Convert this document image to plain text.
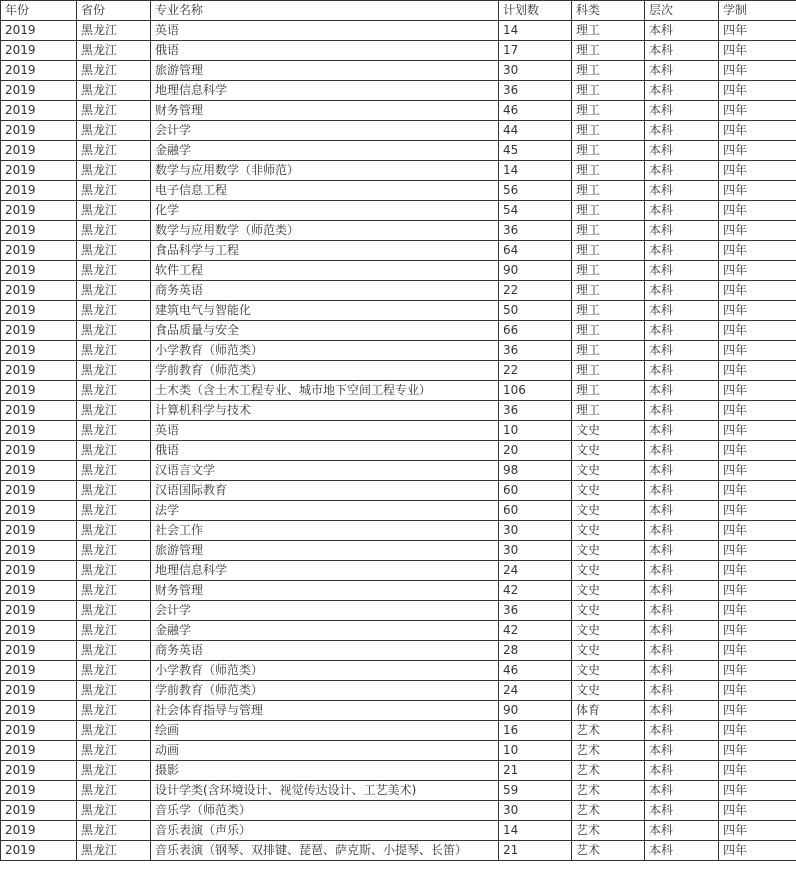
年份	省份	专业名称	计划数	科类	层次	学制
2019	黑龙江	英语	14	理工	本科	四年
2019	黑龙江	俄语	17	理工	本科	四年
2019	黑龙江	旅游管理	30	理工	本科	四年
2019	黑龙江	地理信息科学	36	理工	本科	四年
2019	黑龙江	财务管理	46	理工	本科	四年
2019	黑龙江	会计学	44	理工	本科	四年
2019	黑龙江	金融学	45	理工	本科	四年
2019	黑龙江	数学与应用数学（非师范）	14	理工	本科	四年
2019	黑龙江	电子信息工程	56	理工	本科	四年
2019	黑龙江	化学	54	理工	本科	四年
2019	黑龙江	数学与应用数学（师范类）	36	理工	本科	四年
2019	黑龙江	食品科学与工程	64	理工	本科	四年
2019	黑龙江	软件工程	90	理工	本科	四年
2019	黑龙江	商务英语	22	理工	本科	四年
2019	黑龙江	建筑电气与智能化	50	理工	本科	四年
2019	黑龙江	食品质量与安全	66	理工	本科	四年
2019	黑龙江	小学教育（师范类）	36	理工	本科	四年
2019	黑龙江	学前教育（师范类）	22	理工	本科	四年
2019	黑龙江	土木类（含土木工程专业、城市地下空间工程专业）	106	理工	本科	四年
2019	黑龙江	计算机科学与技术	36	理工	本科	四年
2019	黑龙江	英语	10	文史	本科	四年
2019	黑龙江	俄语	20	文史	本科	四年
2019	黑龙江	汉语言文学	98	文史	本科	四年
2019	黑龙江	汉语国际教育	60	文史	本科	四年
2019	黑龙江	法学	60	文史	本科	四年
2019	黑龙江	社会工作	30	文史	本科	四年
2019	黑龙江	旅游管理	30	文史	本科	四年
2019	黑龙江	地理信息科学	24	文史	本科	四年
2019	黑龙江	财务管理	42	文史	本科	四年
2019	黑龙江	会计学	36	文史	本科	四年
2019	黑龙江	金融学	42	文史	本科	四年
2019	黑龙江	商务英语	28	文史	本科	四年
2019	黑龙江	小学教育（师范类）	46	文史	本科	四年
2019	黑龙江	学前教育（师范类）	24	文史	本科	四年
2019	黑龙江	社会体育指导与管理	90	体育	本科	四年
2019	黑龙江	绘画	16	艺术	本科	四年
2019	黑龙江	动画	10	艺术	本科	四年
2019	黑龙江	摄影	21	艺术	本科	四年
2019	黑龙江	设计学类(含环境设计、视觉传达设计、工艺美术)	59	艺术	本科	四年
2019	黑龙江	音乐学（师范类）	30	艺术	本科	四年
2019	黑龙江	音乐表演（声乐）	14	艺术	本科	四年
2019	黑龙江	音乐表演（钢琴、双排键、琵琶、萨克斯、小提琴、长笛）	21	艺术	本科	四年
